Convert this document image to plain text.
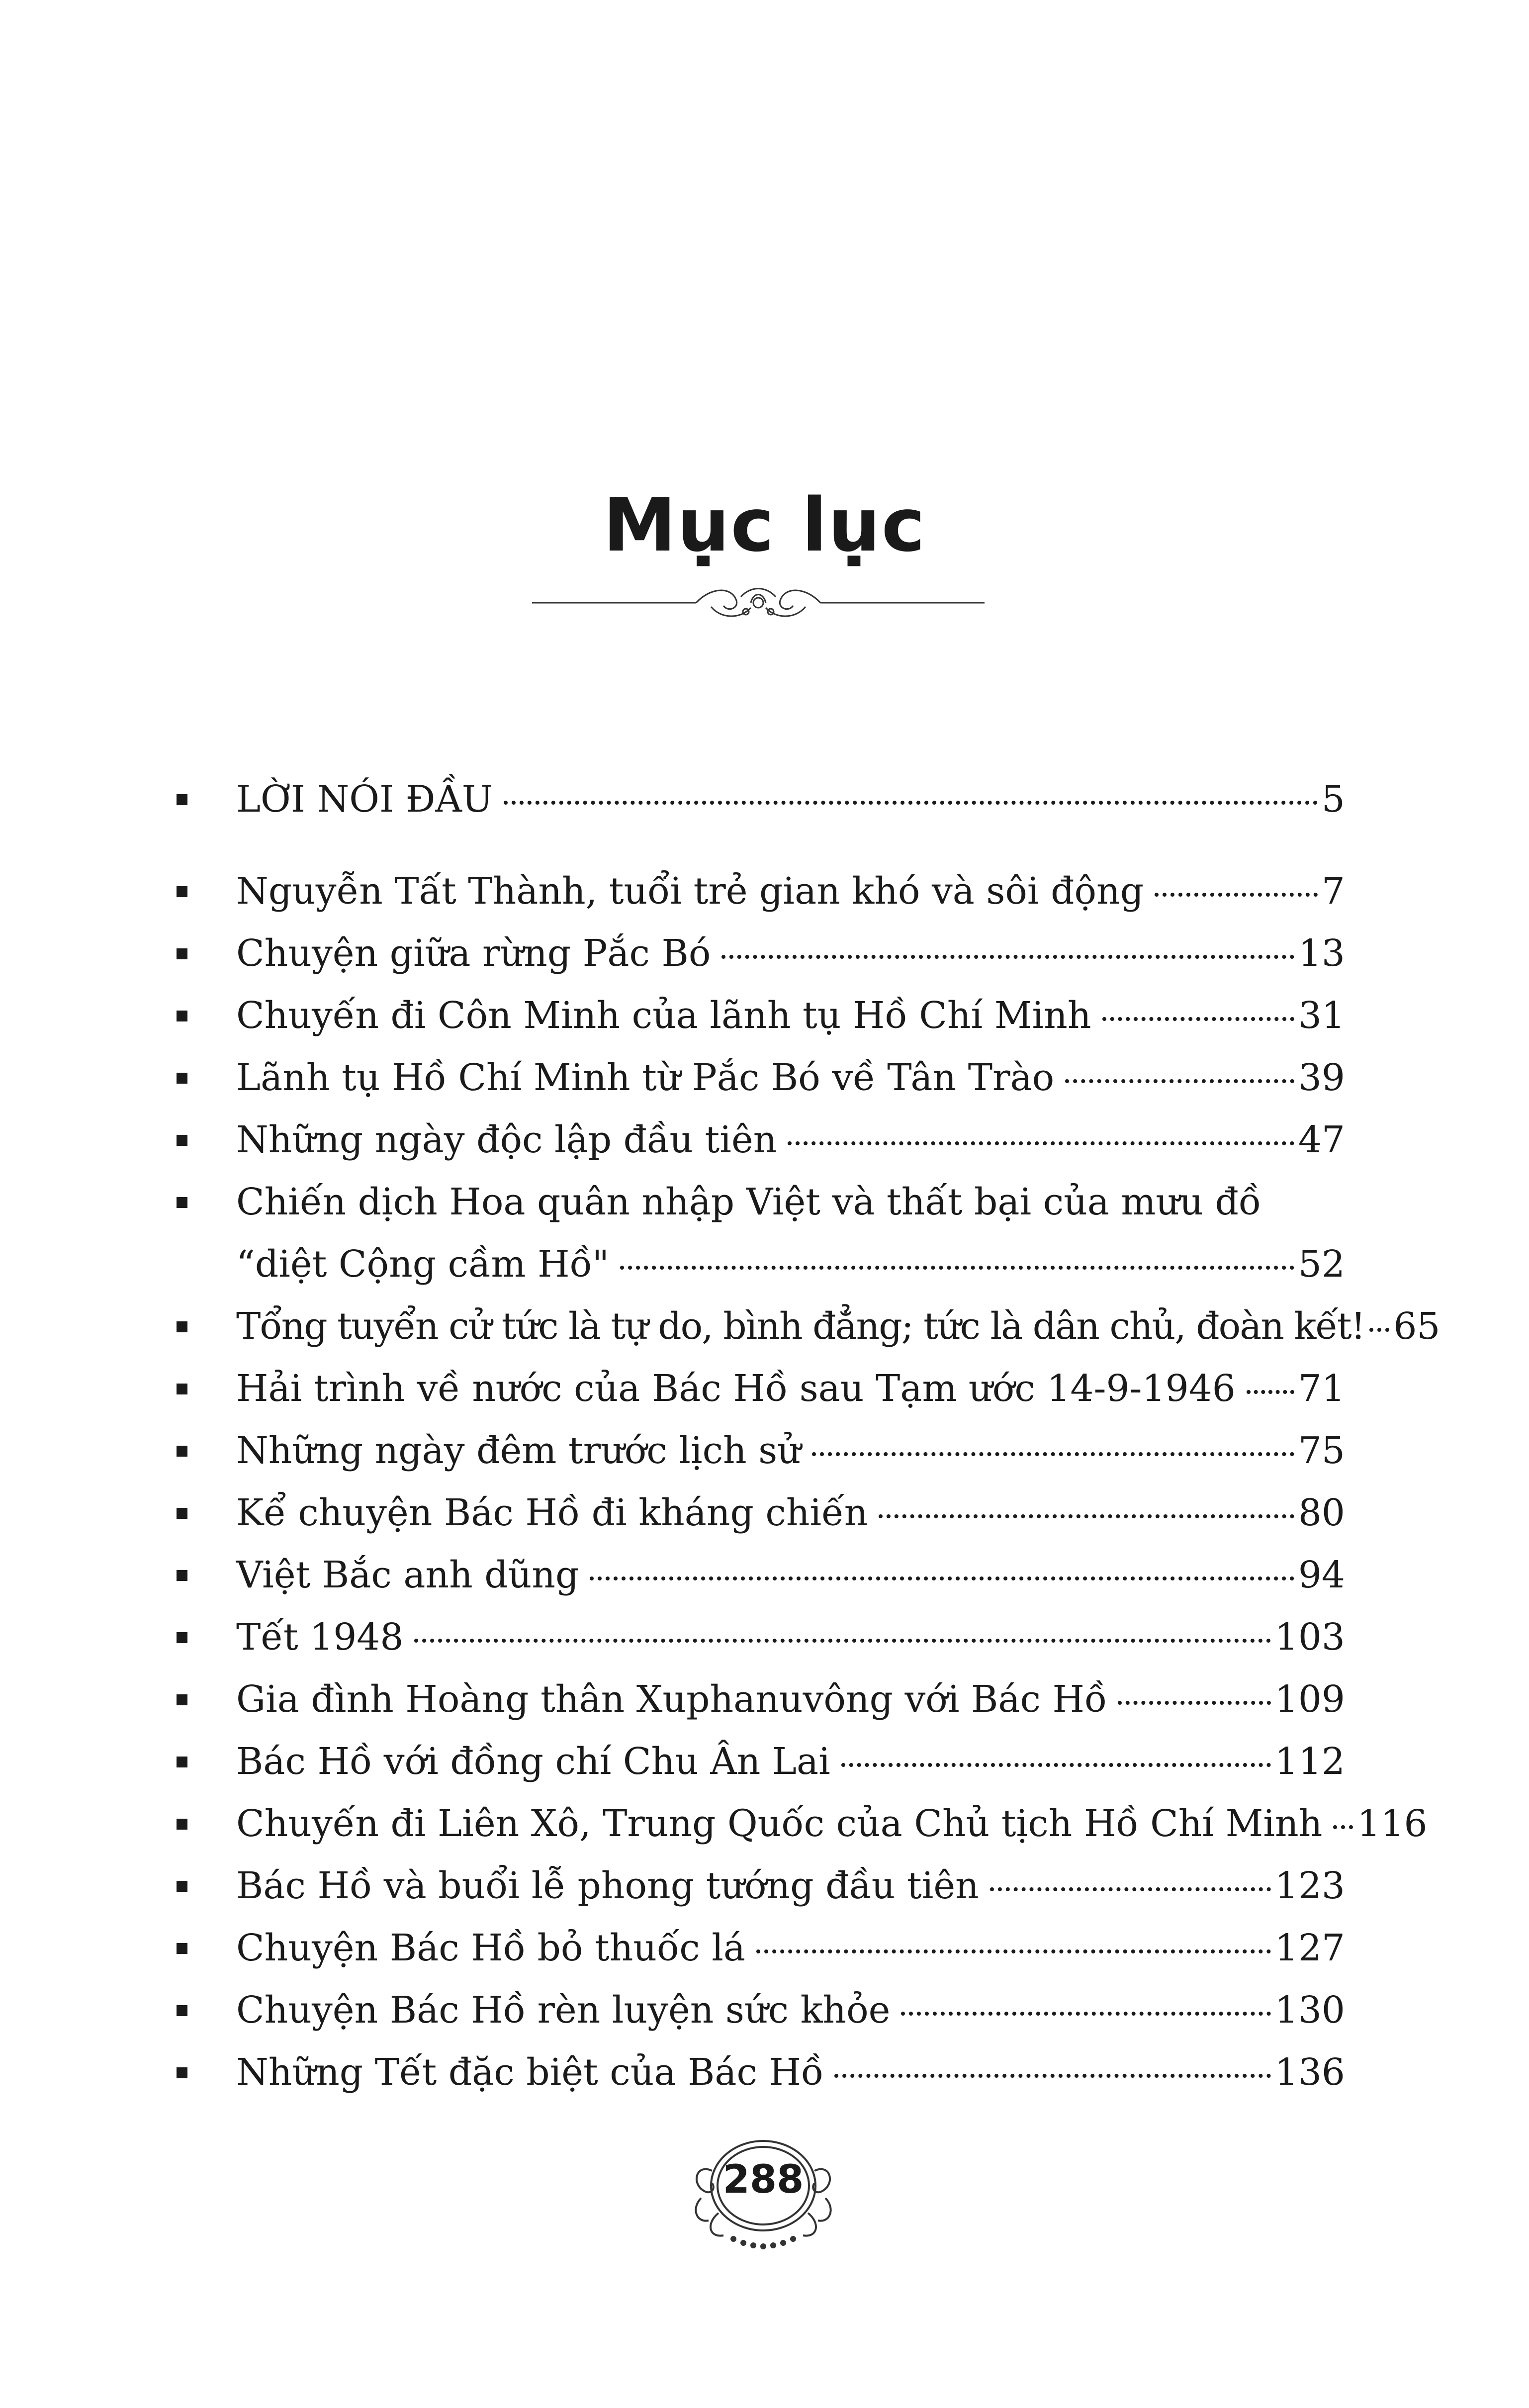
Mục lục
LỜI NÓI ĐẦU	5
Nguyễn Tất Thành, tuổi trẻ gian khó và sôi động	7
Chuyện giữa rừng Pắc Bó	13
Chuyến đi Côn Minh của lãnh tụ Hồ Chí Minh	31
Lãnh tụ Hồ Chí Minh từ Pắc Bó về Tân Trào	39
Những ngày độc lập đầu tiên	47
Chiến dịch Hoa quân nhập Việt và thất bại của mưu đồ
“diệt Cộng cầm Hồ"	52
Tổng tuyển cử tức là tự do, bình đẳng; tức là dân chủ, đoàn kết! 65
Hải trình về nước của Bác Hồ sau Tạm ước 14-9-1946 71
Những ngày đêm trước lịch sử	75
Kể chuyện Bác Hồ đi kháng chiến	80
Việt Bắc anh dũng	94
Tết 1948	103
Gia đình Hoàng thân Xuphanuvông với Bác Hồ	109
Bác Hồ với đồng chí Chu Ân Lai	112
Chuyến đi Liên Xô, Trung Quốc của Chủ tịch Hồ Chí Minh 116
Bác Hồ và buổi lễ phong tướng đầu tiên	123
Chuyện Bác Hồ bỏ thuốc lá	127
Chuyện Bác Hồ rèn luyện sức khỏe	130
Những Tết đặc biệt của Bác Hồ	136
288
